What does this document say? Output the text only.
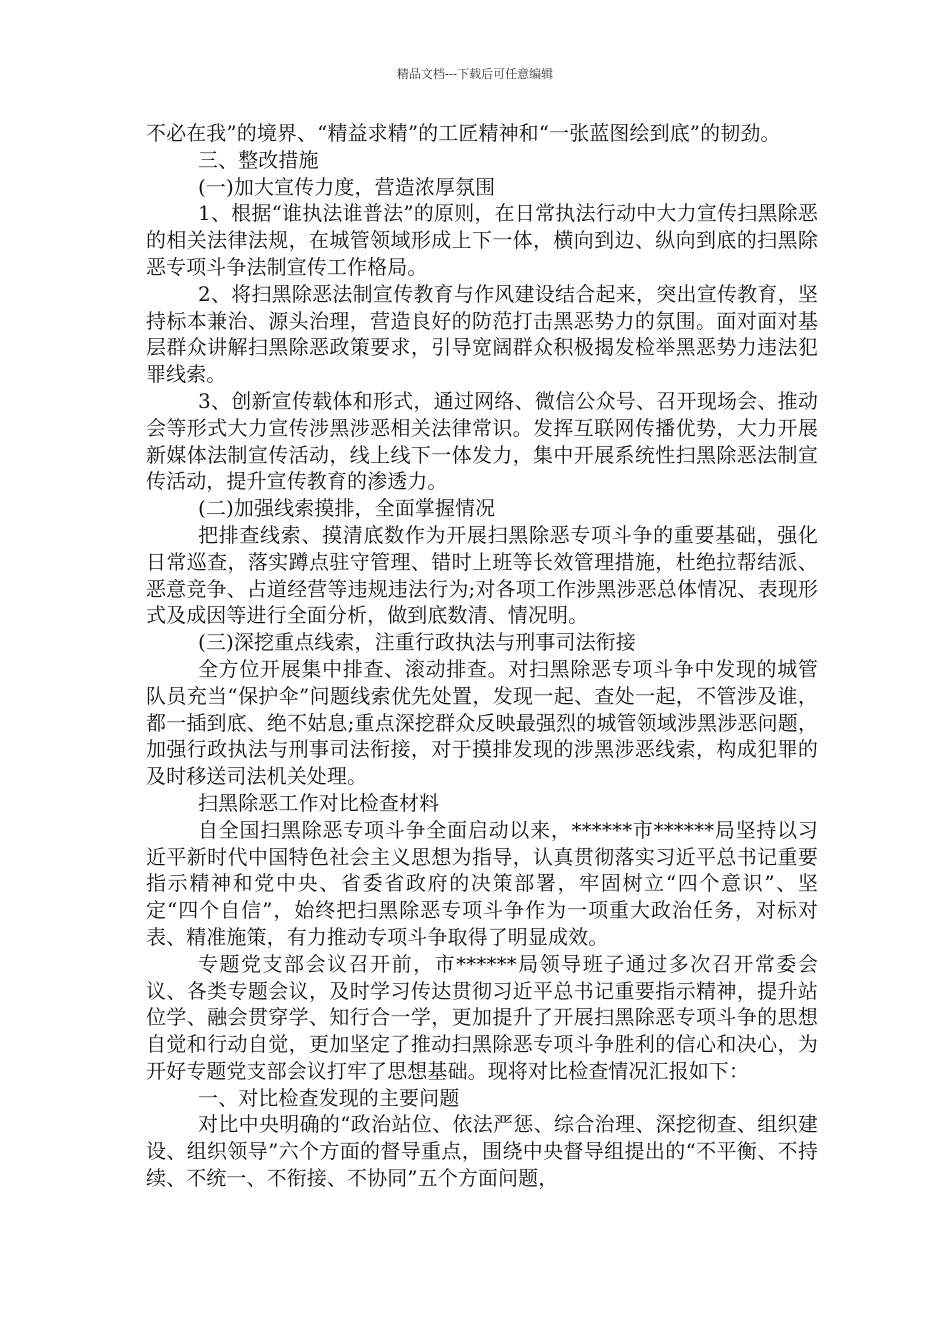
精品文档---下载后可任意编辑

不必在我”的境界、“精益求精”的工匠精神和“一张蓝图绘到底”的韧劲。

三、整改措施

(一)加大宣传力度，营造浓厚氛围

1、根据“谁执法谁普法”的原则，在日常执法行动中大力宣传扫黑除恶的相关法律法规，在城管领域形成上下一体，横向到边、纵向到底的扫黑除恶专项斗争法制宣传工作格局。

2、将扫黑除恶法制宣传教育与作风建设结合起来，突出宣传教育，坚持标本兼治、源头治理，营造良好的防范打击黑恶势力的氛围。面对面对基层群众讲解扫黑除恶政策要求，引导宽阔群众积极揭发检举黑恶势力违法犯罪线索。

3、创新宣传载体和形式，通过网络、微信公众号、召开现场会、推动会等形式大力宣传涉黑涉恶相关法律常识。发挥互联网传播优势，大力开展新媒体法制宣传活动，线上线下一体发力，集中开展系统性扫黑除恶法制宣传活动，提升宣传教育的渗透力。

(二)加强线索摸排，全面掌握情况

把排查线索、摸清底数作为开展扫黑除恶专项斗争的重要基础，强化日常巡查，落实蹲点驻守管理、错时上班等长效管理措施，杜绝拉帮结派、恶意竞争、占道经营等违规违法行为;对各项工作涉黑涉恶总体情况、表现形式及成因等进行全面分析，做到底数清、情况明。

(三)深挖重点线索，注重行政执法与刑事司法衔接

全方位开展集中排查、滚动排查。对扫黑除恶专项斗争中发现的城管队员充当“保护伞”问题线索优先处置，发现一起、查处一起，不管涉及谁，都一插到底、绝不姑息;重点深挖群众反映最强烈的城管领域涉黑涉恶问题，加强行政执法与刑事司法衔接，对于摸排发现的涉黑涉恶线索，构成犯罪的及时移送司法机关处理。

扫黑除恶工作对比检查材料

自全国扫黑除恶专项斗争全面启动以来，******市******局坚持以习近平新时代中国特色社会主义思想为指导，认真贯彻落实习近平总书记重要指示精神和党中央、省委省政府的决策部署，牢固树立“四个意识”、坚定“四个自信”，始终把扫黑除恶专项斗争作为一项重大政治任务，对标对表、精准施策，有力推动专项斗争取得了明显成效。

专题党支部会议召开前，市******局领导班子通过多次召开常委会议、各类专题会议，及时学习传达贯彻习近平总书记重要指示精神，提升站位学、融会贯穿学、知行合一学，更加提升了开展扫黑除恶专项斗争的思想自觉和行动自觉，更加坚定了推动扫黑除恶专项斗争胜利的信心和决心，为开好专题党支部会议打牢了思想基础。现将对比检查情况汇报如下：

一、对比检查发现的主要问题

对比中央明确的“政治站位、依法严惩、综合治理、深挖彻查、组织建设、组织领导”六个方面的督导重点，围绕中央督导组提出的“不平衡、不持续、不统一、不衔接、不协同”五个方面问题，
